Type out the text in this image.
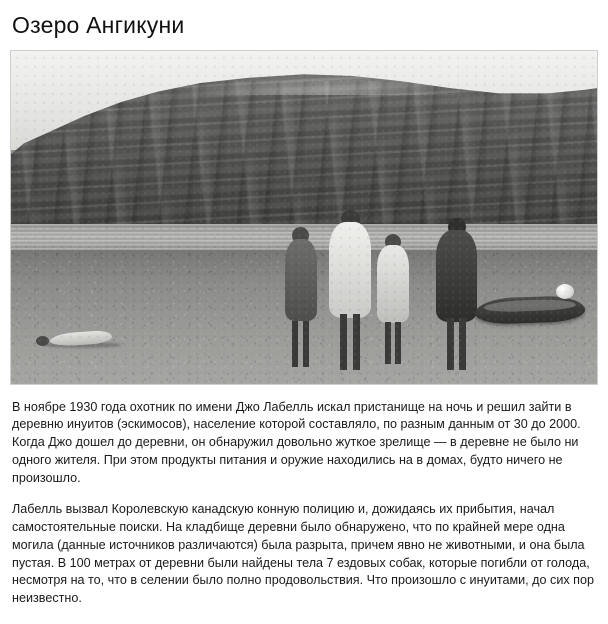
Озеро Ангикуни

В ноябре 1930 года охотник по имени Джо Лабелль искал пристанище на ночь и решил зайти в деревню инуитов (эскимосов), население которой составляло, по разным данным от 30 до 2000. Когда Джо дошел до деревни, он обнаружил довольно жуткое зрелище — в деревне не было ни одного жителя. При этом продукты питания и оружие находились на в домах, будто ничего не произошло.

Лабелль вызвал Королевскую канадскую конную полицию и, дожидаясь их прибытия, начал самостоятельные поиски. На кладбище деревни было обнаружено, что по крайней мере одна могила (данные источников различаются) была разрыта, причем явно не животными, и она была пустая. В 100 метрах от деревни были найдены тела 7 ездовых собак, которые погибли от голода, несмотря на то, что в селении было полно продовольствия. Что произошло с инуитами, до сих пор неизвестно.
